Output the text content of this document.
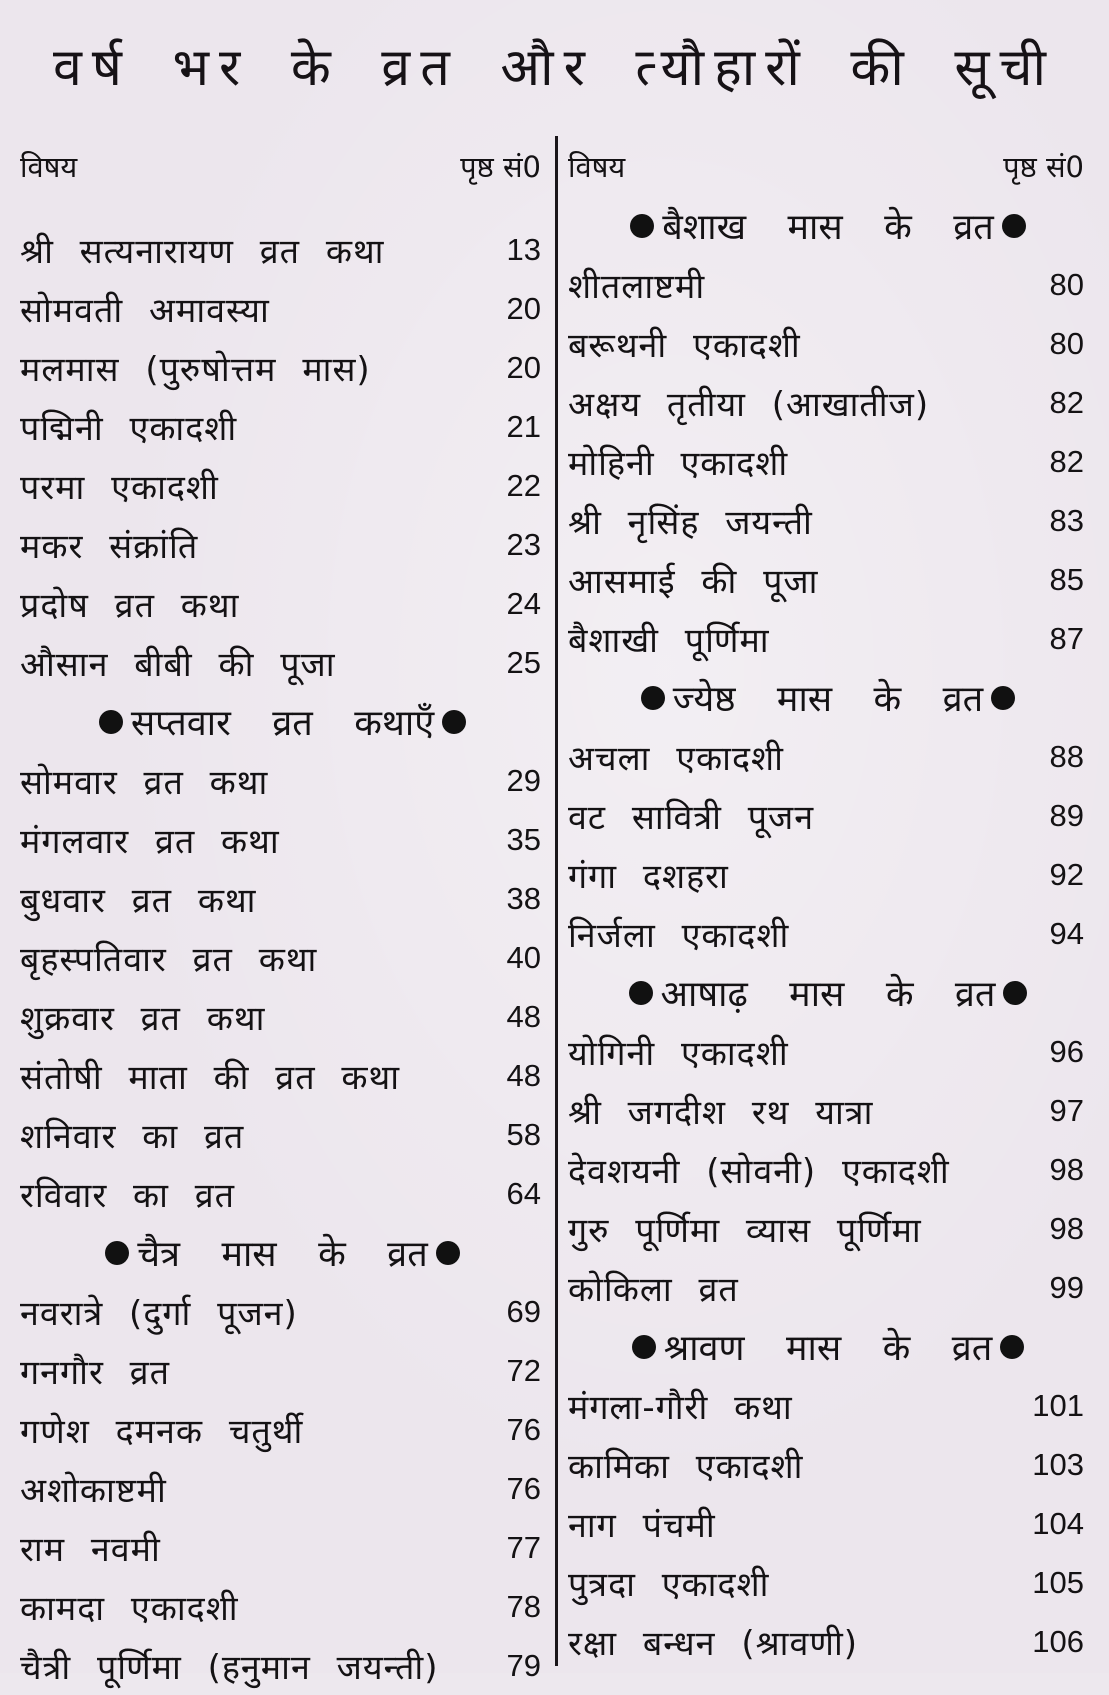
वर्ष भर के व्रत और त्यौहारों की सूची
विषय	पृष्ठ सं0
श्री सत्यनारायण व्रत कथा	13
सोमवती अमावस्या	20
मलमास (पुरुषोत्तम मास)	20
पद्मिनी एकादशी	21
परमा एकादशी	22
मकर संक्रांति	23
प्रदोष व्रत कथा	24
औसान बीबी की पूजा	25
सप्तवार व्रत कथाएँ
सोमवार व्रत कथा	29
मंगलवार व्रत कथा	35
बुधवार व्रत कथा	38
बृहस्पतिवार व्रत कथा	40
शुक्रवार व्रत कथा	48
संतोषी माता की व्रत कथा	48
शनिवार का व्रत	58
रविवार का व्रत	64
चैत्र मास के व्रत
नवरात्रे (दुर्गा पूजन)	69
गनगौर व्रत	72
गणेश दमनक चतुर्थी	76
अशोकाष्टमी	76
राम नवमी	77
कामदा एकादशी	78
चैत्री पूर्णिमा (हनुमान जयन्ती)	79
विषय	पृष्ठ सं0
बैशाख मास के व्रत
शीतलाष्टमी	80
बरूथनी एकादशी	80
अक्षय तृतीया (आखातीज)	82
मोहिनी एकादशी	82
श्री नृसिंह जयन्ती	83
आसमाई की पूजा	85
बैशाखी पूर्णिमा	87
ज्येष्ठ मास के व्रत
अचला एकादशी	88
वट सावित्री पूजन	89
गंगा दशहरा	92
निर्जला एकादशी	94
आषाढ़ मास के व्रत
योगिनी एकादशी	96
श्री जगदीश रथ यात्रा	97
देवशयनी (सोवनी) एकादशी	98
गुरु पूर्णिमा व्यास पूर्णिमा	98
कोकिला व्रत	99
श्रावण मास के व्रत
मंगला-गौरी कथा	101
कामिका एकादशी	103
नाग पंचमी	104
पुत्रदा एकादशी	105
रक्षा बन्धन (श्रावणी)	106
